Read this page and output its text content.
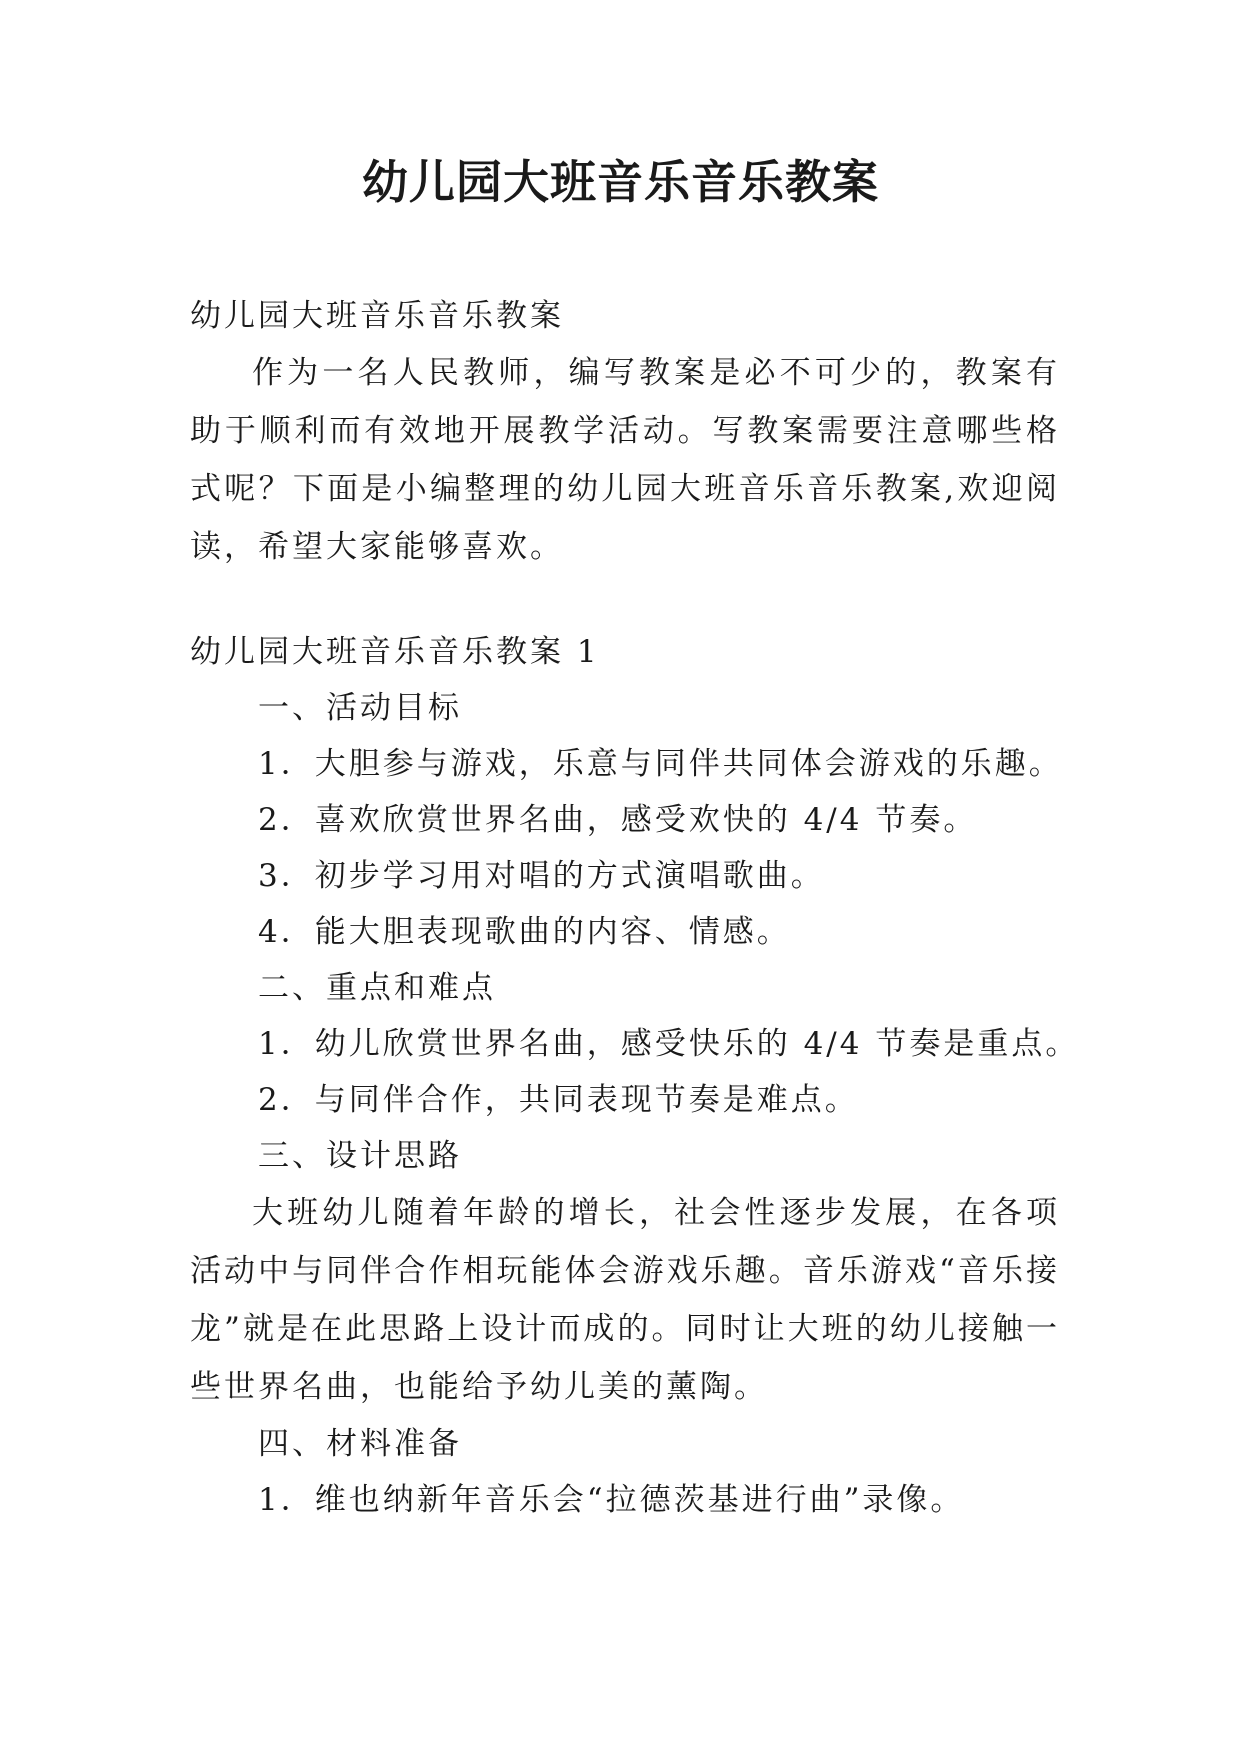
幼儿园大班音乐音乐教案
幼儿园大班音乐音乐教案
作为一名人民教师，编写教案是必不可少的，教案有助于顺利而有效地开展教学活动。写教案需要注意哪些格式呢？下面是小编整理的幼儿园大班音乐音乐教案,欢迎阅读，希望大家能够喜欢。
幼儿园大班音乐音乐教案 1
一、活动目标
1．大胆参与游戏，乐意与同伴共同体会游戏的乐趣。
2．喜欢欣赏世界名曲，感受欢快的 4/4 节奏。
3．初步学习用对唱的方式演唱歌曲。
4．能大胆表现歌曲的内容、情感。
二、重点和难点
1．幼儿欣赏世界名曲，感受快乐的 4/4 节奏是重点。
2．与同伴合作，共同表现节奏是难点。
三、设计思路
大班幼儿随着年龄的增长，社会性逐步发展，在各项活动中与同伴合作相玩能体会游戏乐趣。音乐游戏“音乐接龙”就是在此思路上设计而成的。同时让大班的幼儿接触一些世界名曲，也能给予幼儿美的薰陶。
四、材料准备
1．维也纳新年音乐会“拉德茨基进行曲”录像。
